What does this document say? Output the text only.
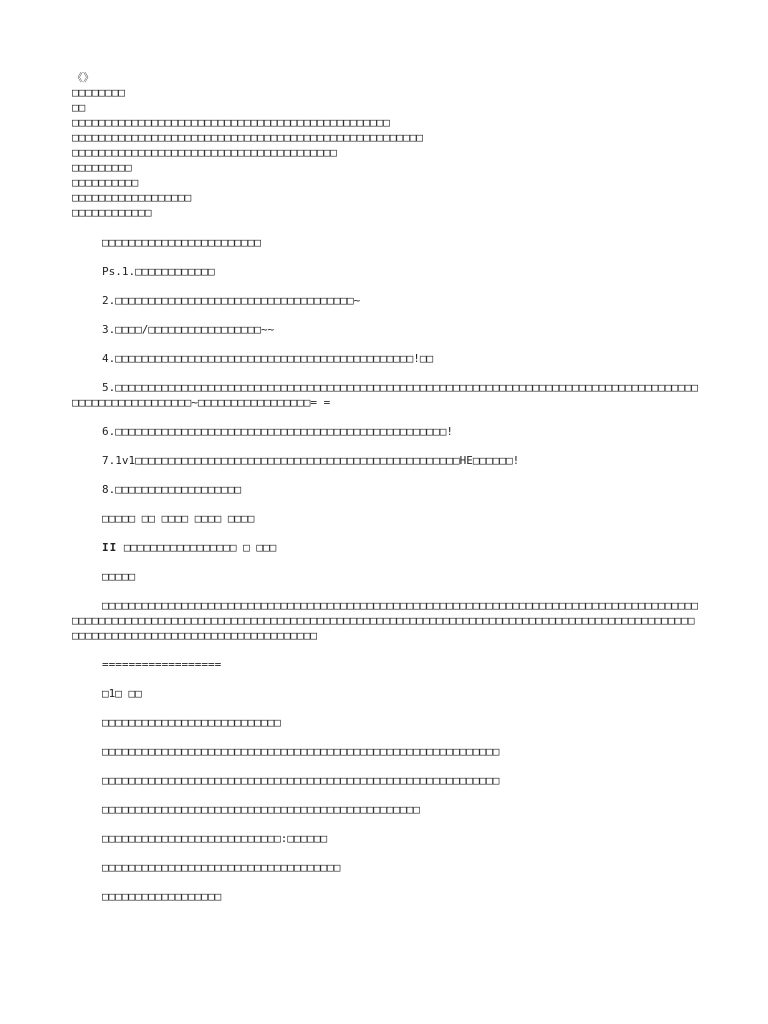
《》
□□□□□□□□
□□
□□□□□□□□□□□□□□□□□□□□□□□□□□□□□□□□□□□□□□□□□□□□□□□□
□□□□□□□□□□□□□□□□□□□□□□□□□□□□□□□□□□□□□□□□□□□□□□□□□□□□□
□□□□□□□□□□□□□□□□□□□□□□□□□□□□□□□□□□□□□□□□
□□□□□□□□□
□□□□□□□□□□
□□□□□□□□□□□□□□□□□□
□□□□□□□□□□□□

□□□□□□□□□□□□□□□□□□□□□□□□

Ps.1.□□□□□□□□□□□□

2.□□□□□□□□□□□□□□□□□□□□□□□□□□□□□□□□□□□□~

3.□□□□/□□□□□□□□□□□□□□□□□~~

4.□□□□□□□□□□□□□□□□□□□□□□□□□□□□□□□□□□□□□□□□□□□□□!□□

5.□□□□□□□□□□□□□□□□□□□□□□□□□□□□□□□□□□□□□□□□□□□□□□□□□□□□□□□□□□□□□□□□□□□□□□□□□□□□□□□□□□□□□□□□□□□□□□□□□□□□□□□□□□~□□□□□□□□□□□□□□□□□= =

6.□□□□□□□□□□□□□□□□□□□□□□□□□□□□□□□□□□□□□□□□□□□□□□□□□□!

7.1v1□□□□□□□□□□□□□□□□□□□□□□□□□□□□□□□□□□□□□□□□□□□□□□□□□HE□□□□□□!

8.□□□□□□□□□□□□□□□□□□□

□□□□□ □□ □□□□ □□□□ □□□□

II □□□□□□□□□□□□□□□□□ □ □□□

□□□□□

□□□□□□□□□□□□□□□□□□□□□□□□□□□□□□□□□□□□□□□□□□□□□□□□□□□□□□□□□□□□□□□□□□□□□□□□□□□□□□□□□□□□□□□□□□□□□□□□□□□□□□□□□□□□□□□□□□□□□□□□□□□□□□□□□□□□□□□□□□□□□□□□□□□□□□□□□□□□□□□□□□□□□□□□□□□□□□□□□□□□□□□□□□□□□□□□□□□□□□□□□□□□□□□□□□□□□□□□□□□□□

==================

□1□ □□

□□□□□□□□□□□□□□□□□□□□□□□□□□□

□□□□□□□□□□□□□□□□□□□□□□□□□□□□□□□□□□□□□□□□□□□□□□□□□□□□□□□□□□□□

□□□□□□□□□□□□□□□□□□□□□□□□□□□□□□□□□□□□□□□□□□□□□□□□□□□□□□□□□□□□

□□□□□□□□□□□□□□□□□□□□□□□□□□□□□□□□□□□□□□□□□□□□□□□□

□□□□□□□□□□□□□□□□□□□□□□□□□□□:□□□□□□

□□□□□□□□□□□□□□□□□□□□□□□□□□□□□□□□□□□□

□□□□□□□□□□□□□□□□□□
